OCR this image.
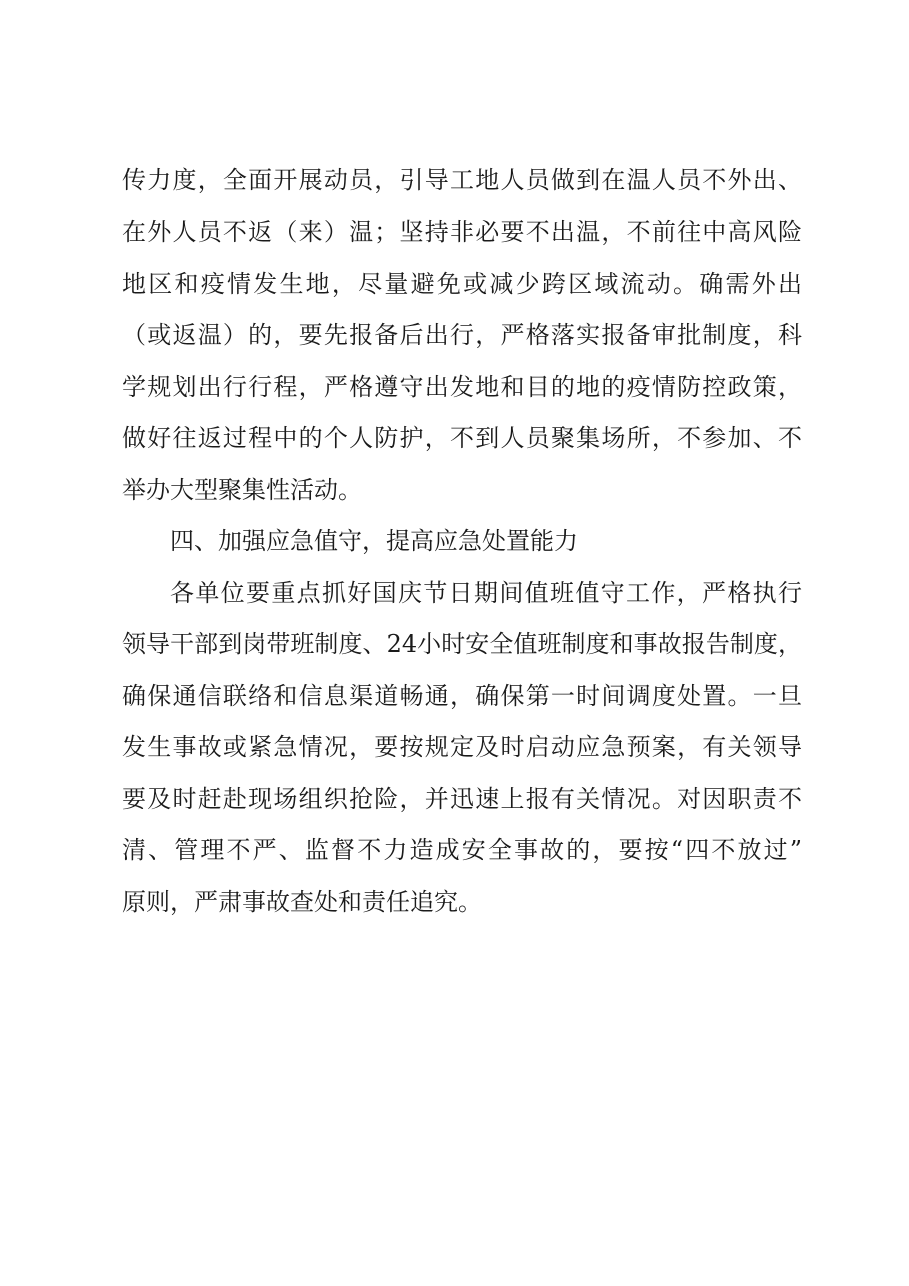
传力度，全面开展动员，引导工地人员做到在温人员不外出、
在外人员不返（来）温；坚持非必要不出温，不前往中高风险
地区和疫情发生地，尽量避免或减少跨区域流动。确需外出
（或返温）的，要先报备后出行，严格落实报备审批制度，科
学规划出行行程，严格遵守出发地和目的地的疫情防控政策，
做好往返过程中的个人防护，不到人员聚集场所，不参加、不
举办大型聚集性活动。
四、加强应急值守，提高应急处置能力
各单位要重点抓好国庆节日期间值班值守工作，严格执行
领导干部到岗带班制度、24小时安全值班制度和事故报告制度，
确保通信联络和信息渠道畅通，确保第一时间调度处置。一旦
发生事故或紧急情况，要按规定及时启动应急预案，有关领导
要及时赶赴现场组织抢险，并迅速上报有关情况。对因职责不
清、管理不严、监督不力造成安全事故的，要按“四不放过”
原则，严肃事故查处和责任追究。
